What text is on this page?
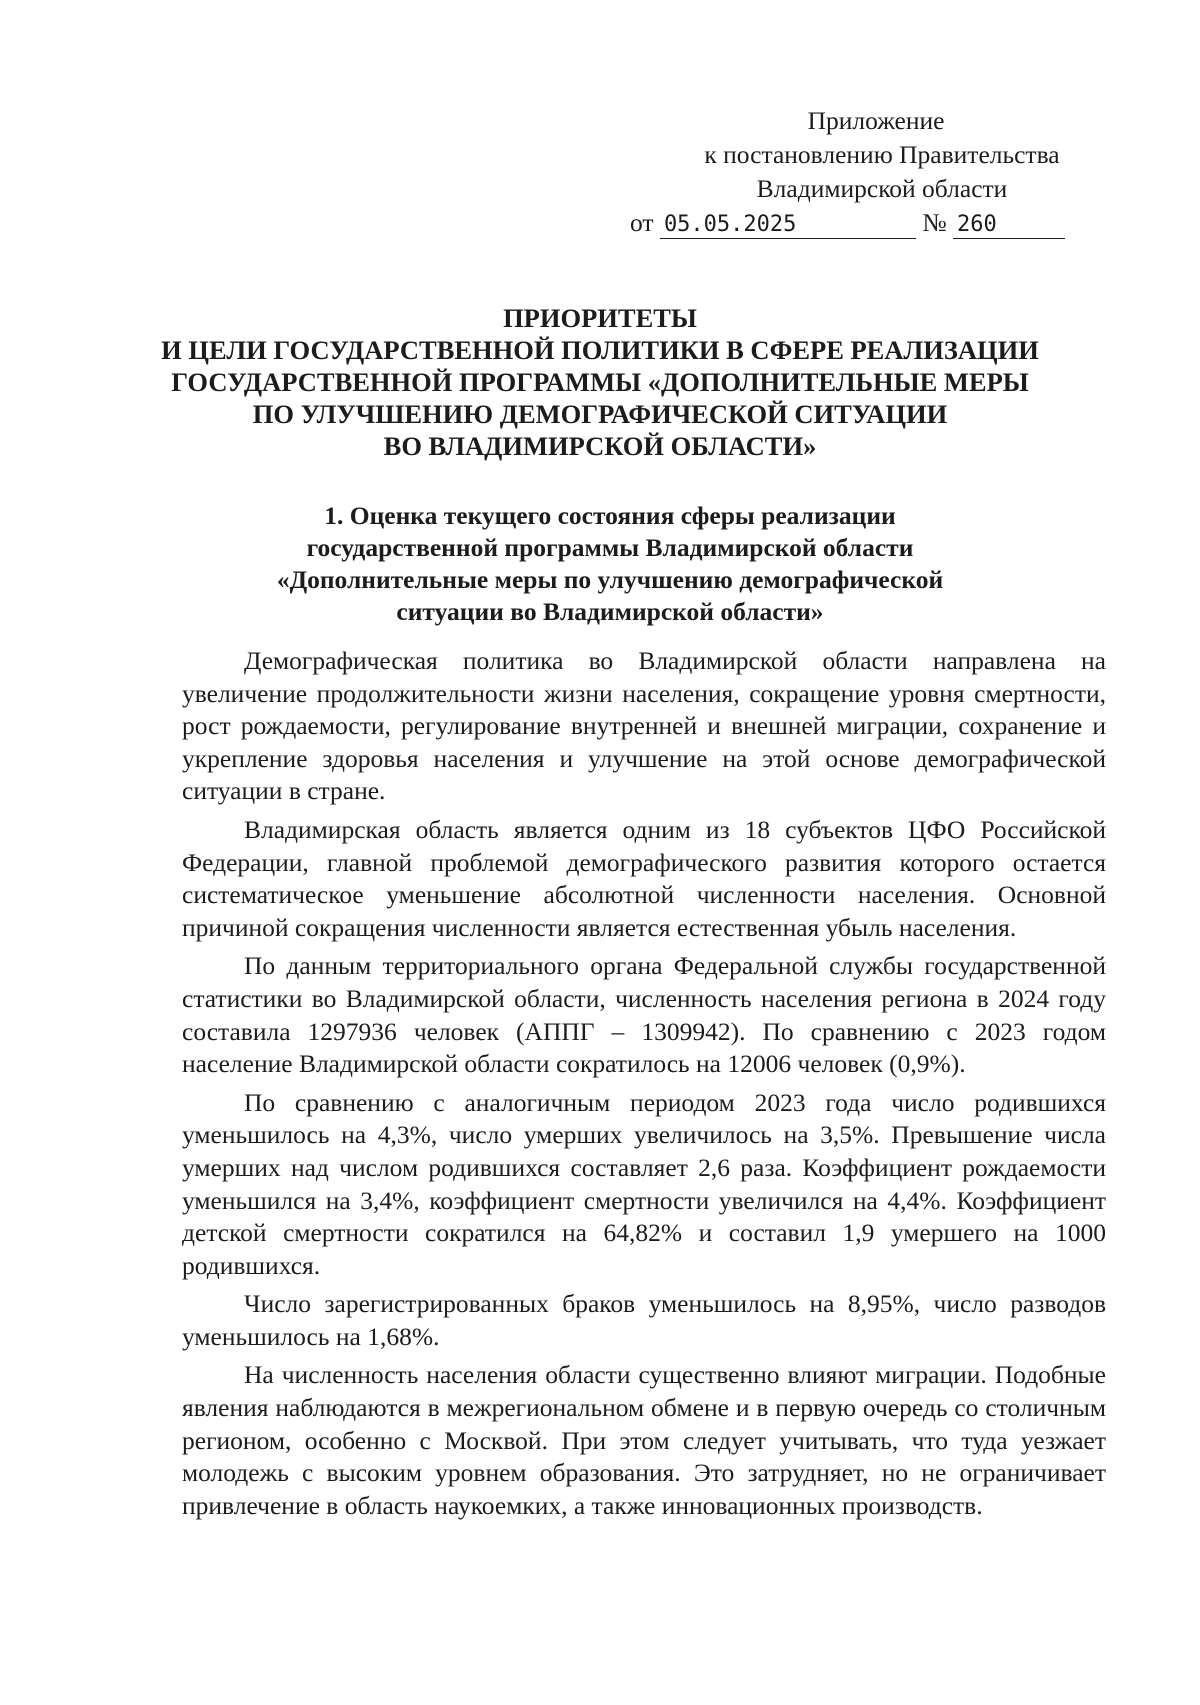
Приложение
к постановлению Правительства
Владимирской области
от 05.05.2025	№ 260
ПРИОРИТЕТЫ
И ЦЕЛИ ГОСУДАРСТВЕННОЙ ПОЛИТИКИ В СФЕРЕ РЕАЛИЗАЦИИ
ГОСУДАРСТВЕННОЙ ПРОГРАММЫ «ДОПОЛНИТЕЛЬНЫЕ МЕРЫ
ПО УЛУЧШЕНИЮ ДЕМОГРАФИЧЕСКОЙ СИТУАЦИИ
ВО ВЛАДИМИРСКОЙ ОБЛАСТИ»
1. Оценка текущего состояния сферы реализации
государственной программы Владимирской области
«Дополнительные меры по улучшению демографической
ситуации во Владимирской области»

Демографическая политика во Владимирской области направлена на увеличение продолжительности жизни населения, сокращение уровня смертности, рост рождаемости, регулирование внутренней и внешней миграции, сохранение и укрепление здоровья населения и улучшение на этой основе демографической ситуации в стране.

Владимирская область является одним из 18 субъектов ЦФО Российской Федерации, главной проблемой демографического развития которого остается систематическое уменьшение абсолютной численности населения. Основной причиной сокращения численности является естественная убыль населения.

По данным территориального органа Федеральной службы государственной статистики во Владимирской области, численность населения региона в 2024 году составила 1297936 человек (АППГ – 1309942). По сравнению с 2023 годом население Владимирской области сократилось на 12006 человек (0,9%).

По сравнению с аналогичным периодом 2023 года число родившихся уменьшилось на 4,3%, число умерших увеличилось на 3,5%. Превышение числа умерших над числом родившихся составляет 2,6 раза. Коэффициент рождаемости уменьшился на 3,4%, коэффициент смертности увеличился на 4,4%. Коэффициент детской смертности сократился на 64,82% и составил 1,9 умершего на 1000 родившихся.

Число зарегистрированных браков уменьшилось на 8,95%, число разводов уменьшилось на 1,68%.

На численность населения области существенно влияют миграции. Подобные явления наблюдаются в межрегиональном обмене и в первую очередь со столичным регионом, особенно с Москвой. При этом следует учитывать, что туда уезжает молодежь с высоким уровнем образования. Это затрудняет, но не ограничивает привлечение в область наукоемких, а также инновационных производств.
